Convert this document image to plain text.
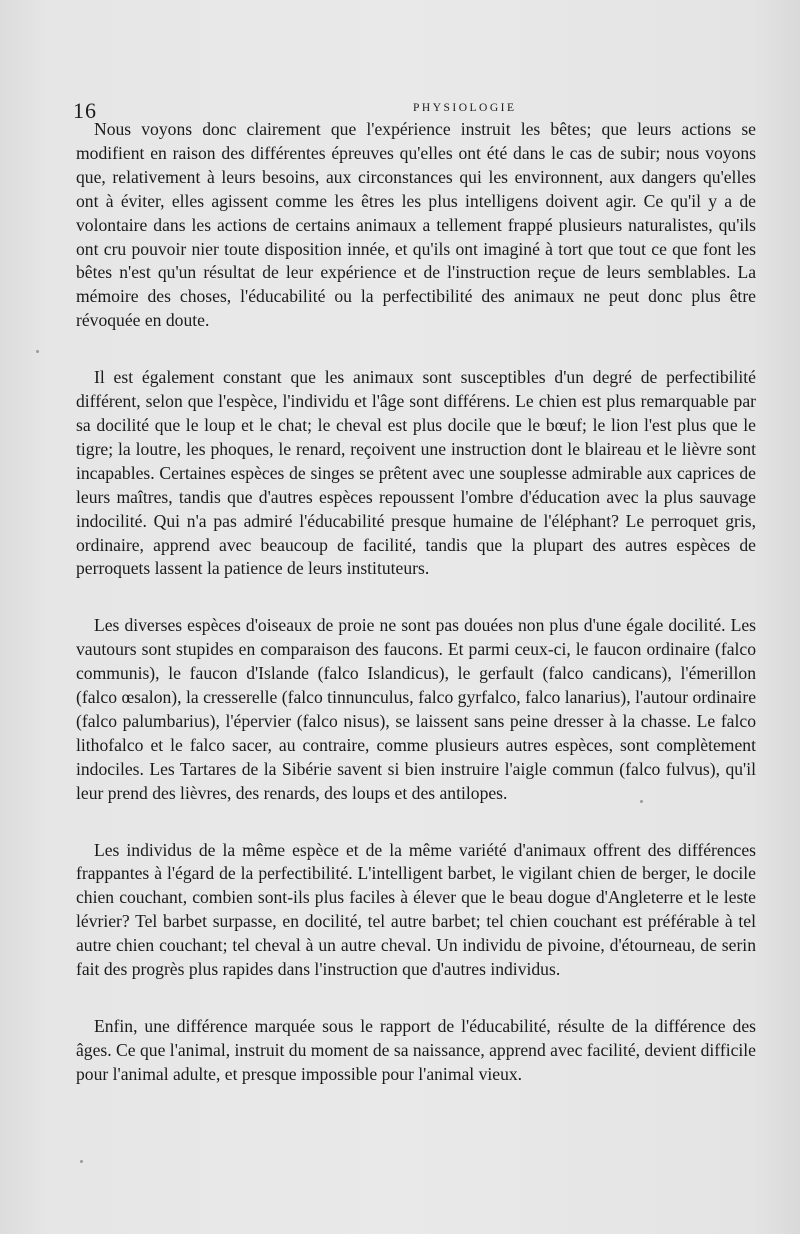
16	PHYSIOLOGIE

Nous voyons donc clairement que l'expérience instruit les bêtes; que leurs actions se modifient en raison des différentes épreuves qu'elles ont été dans le cas de subir; nous voyons que, relativement à leurs besoins, aux circonstances qui les environnent, aux dangers qu'elles ont à éviter, elles agissent comme les êtres les plus intelligens doivent agir. Ce qu'il y a de volontaire dans les actions de certains animaux a tellement frappé plusieurs naturalistes, qu'ils ont cru pouvoir nier toute disposition innée, et qu'ils ont imaginé à tort que tout ce que font les bêtes n'est qu'un résultat de leur expérience et de l'instruction reçue de leurs semblables. La mémoire des choses, l'éducabilité ou la perfectibilité des animaux ne peut donc plus être révoquée en doute.

Il est également constant que les animaux sont susceptibles d'un degré de perfectibilité différent, selon que l'espèce, l'individu et l'âge sont différens. Le chien est plus remarquable par sa docilité que le loup et le chat; le cheval est plus docile que le bœuf; le lion l'est plus que le tigre; la loutre, les phoques, le renard, reçoivent une instruction dont le blaireau et le lièvre sont incapables. Certaines espèces de singes se prêtent avec une souplesse admirable aux caprices de leurs maîtres, tandis que d'autres espèces repoussent l'ombre d'éducation avec la plus sauvage indocilité. Qui n'a pas admiré l'éducabilité presque humaine de l'éléphant? Le perroquet gris, ordinaire, apprend avec beaucoup de facilité, tandis que la plupart des autres espèces de perroquets lassent la patience de leurs instituteurs.

Les diverses espèces d'oiseaux de proie ne sont pas douées non plus d'une égale docilité. Les vautours sont stupides en comparaison des faucons. Et parmi ceux-ci, le faucon ordinaire (falco communis), le faucon d'Islande (falco Islandicus), le gerfault (falco candicans), l'émerillon (falco œsalon), la cresserelle (falco tinnunculus, falco gyrfalco, falco lanarius), l'autour ordinaire (falco palumbarius), l'épervier (falco nisus), se laissent sans peine dresser à la chasse. Le falco lithofalco et le falco sacer, au contraire, comme plusieurs autres espèces, sont complètement indociles. Les Tartares de la Sibérie savent si bien instruire l'aigle commun (falco fulvus), qu'il leur prend des lièvres, des renards, des loups et des antilopes.

Les individus de la même espèce et de la même variété d'animaux offrent des différences frappantes à l'égard de la perfectibilité. L'intelligent barbet, le vigilant chien de berger, le docile chien couchant, combien sont-ils plus faciles à élever que le beau dogue d'Angleterre et le leste lévrier? Tel barbet surpasse, en docilité, tel autre barbet; tel chien couchant est préférable à tel autre chien couchant; tel cheval à un autre cheval. Un individu de pivoine, d'étourneau, de serin fait des progrès plus rapides dans l'instruction que d'autres individus.

Enfin, une différence marquée sous le rapport de l'éducabilité, résulte de la différence des âges. Ce que l'animal, instruit du moment de sa naissance, apprend avec facilité, devient difficile pour l'animal adulte, et presque impossible pour l'animal vieux.
